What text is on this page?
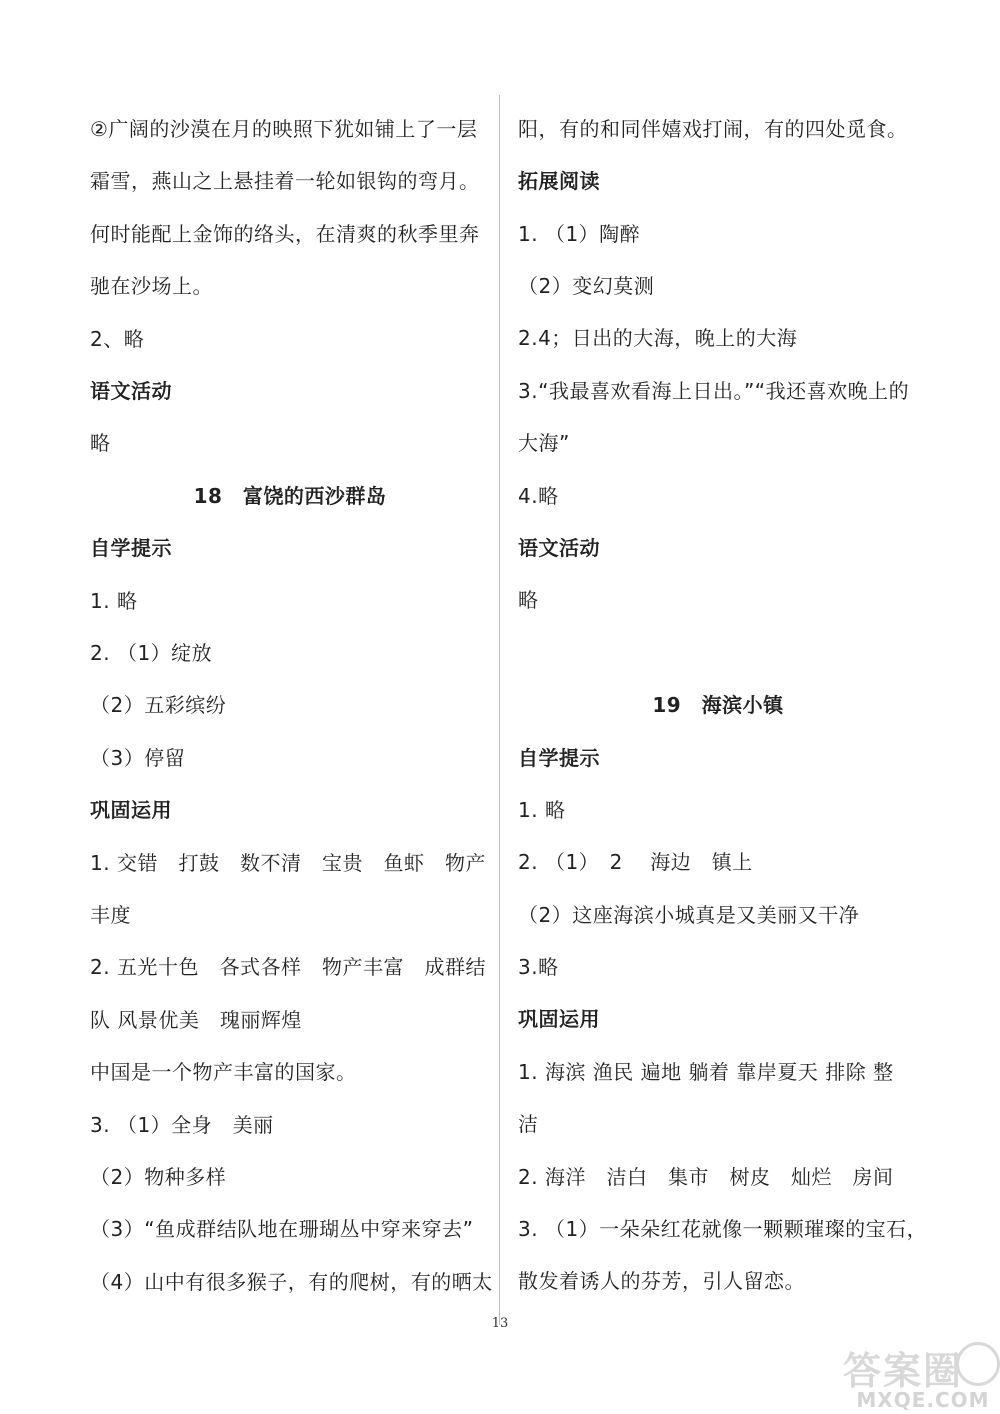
②广阔的沙漠在月的映照下犹如铺上了一层
霜雪，燕山之上悬挂着一轮如银钩的弯月。
何时能配上金饰的络头，在清爽的秋季里奔
驰在沙场上。
2、略
语文活动
略
18　富饶的西沙群岛
自学提示
1. 略
2. （1）绽放
（2）五彩缤纷
（3）停留
巩固运用
1. 交错　打鼓　数不清　宝贵　鱼虾　物产
丰度
2. 五光十色　各式各样　物产丰富　成群结
队 风景优美　瑰丽辉煌
中国是一个物产丰富的国家。
3. （1）全身　美丽
（2）物种多样
（3）“鱼成群结队地在珊瑚丛中穿来穿去”
（4）山中有很多猴子，有的爬树，有的晒太
阳，有的和同伴嬉戏打闹，有的四处觅食。
拓展阅读
1. （1）陶醉
（2）变幻莫测
2.4；日出的大海，晚上的大海
3.“我最喜欢看海上日出。”“我还喜欢晚上的
大海”
4.略
语文活动
略
19　海滨小镇
自学提示
1. 略
2. （1）　2　 海边　镇上
（2）这座海滨小城真是又美丽又干净
3.略
巩固运用
1. 海滨 渔民 遍地 躺着 靠岸夏天 排除 整
洁
2. 海洋　洁白　集市　树皮　灿烂　房间
3. （1）一朵朵红花就像一颗颗璀璨的宝石，
散发着诱人的芬芳，引人留恋。
13
答案圈
MXQE.COM
